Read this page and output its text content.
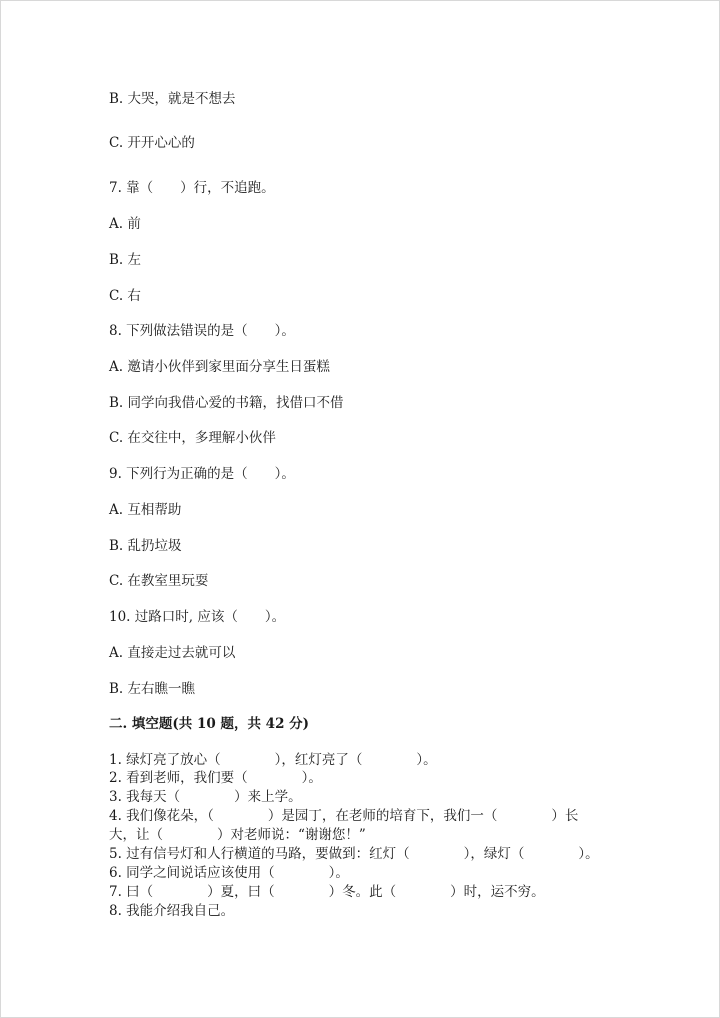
B. 大哭，就是不想去
C. 开开心心的
7. 靠（　　）行，不追跑。
A. 前
B. 左
C. 右
8. 下列做法错误的是（　　）。
A. 邀请小伙伴到家里面分享生日蛋糕
B. 同学向我借心爱的书籍，找借口不借
C. 在交往中，多理解小伙伴
9. 下列行为正确的是（　　）。
A. 互相帮助
B. 乱扔垃圾
C. 在教室里玩耍
10. 过路口时, 应该（　　）。
A. 直接走过去就可以
B. 左右瞧一瞧
二. 填空题(共 10 题，共 42 分)
1. 绿灯亮了放心（　　　　），红灯亮了（　　　　）。
2. 看到老师，我们要（　　　　）。
3. 我每天（　　　　）来上学。
4. 我们像花朵，（　　　　）是园丁，在老师的培育下，我们一（　　　　）长
大，让（　　　　）对老师说：“谢谢您！”
5. 过有信号灯和人行横道的马路，要做到：红灯（　　　　），绿灯（　　　　）。
6. 同学之间说话应该使用（　　　　）。
7. 曰（　　　　）夏，曰（　　　　）冬。此（　　　　）时，运不穷。
8. 我能介绍我自己。
